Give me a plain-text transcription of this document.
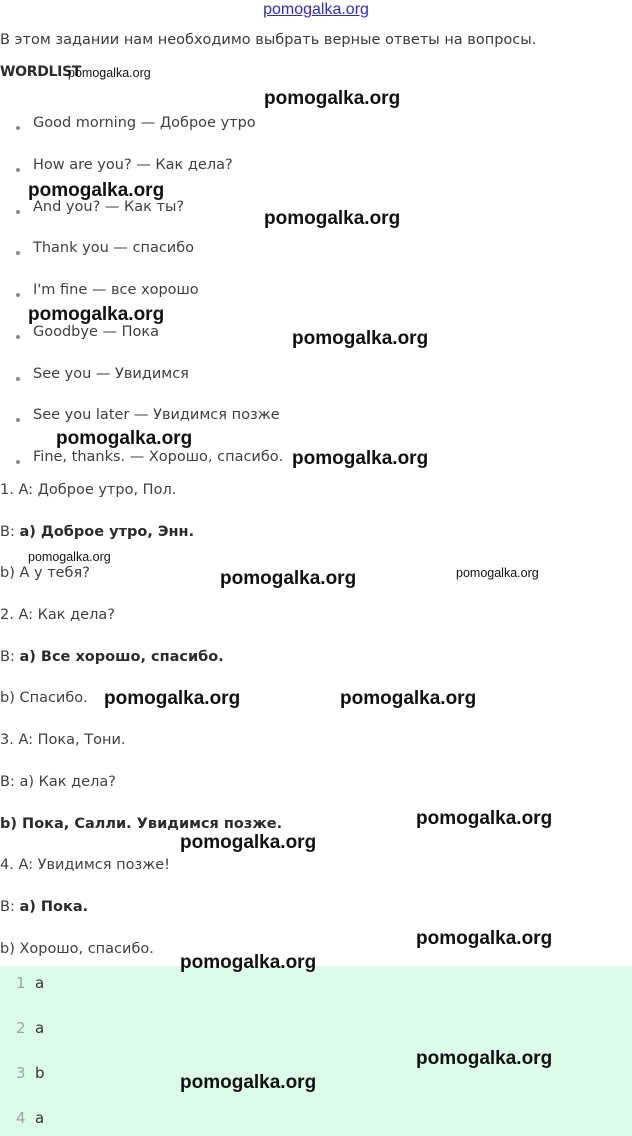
pomogalka.org
В этом задании нам необходимо выбрать верные ответы на вопросы.
WORDLIST
Good morning — Доброе утро
How are you? — Как дела?
And you? — Как ты?
Thank you — спасибо
I'm fine — все хорошо
Goodbye — Пока
See you — Увидимся
See you later — Увидимся позже
Fine, thanks. — Хорошо, спасибо.
1. A: Доброе утро, Пол.
B: a) Доброе утро, Энн.
b) А у тебя?
2. A: Как дела?
B: a) Все хорошо, спасибо.
b) Спасибо.
3. A: Пока, Тони.
B: a) Как дела?
b) Пока, Салли. Увидимся позже.
4. A: Увидимся позже!
B: a) Пока.
b) Хорошо, спасибо.
1 a
2 a
3 b
4 a
pomogalka.org
pomogalka.org
pomogalka.org
pomogalka.org
pomogalka.org
pomogalka.org
pomogalka.org
pomogalka.org
pomogalka.org
pomogalka.org	pomogalka.org
pomogalka.org	pomogalka.org
pomogalka.org
pomogalka.org
pomogalka.org
pomogalka.org
pomogalka.org
pomogalka.org
